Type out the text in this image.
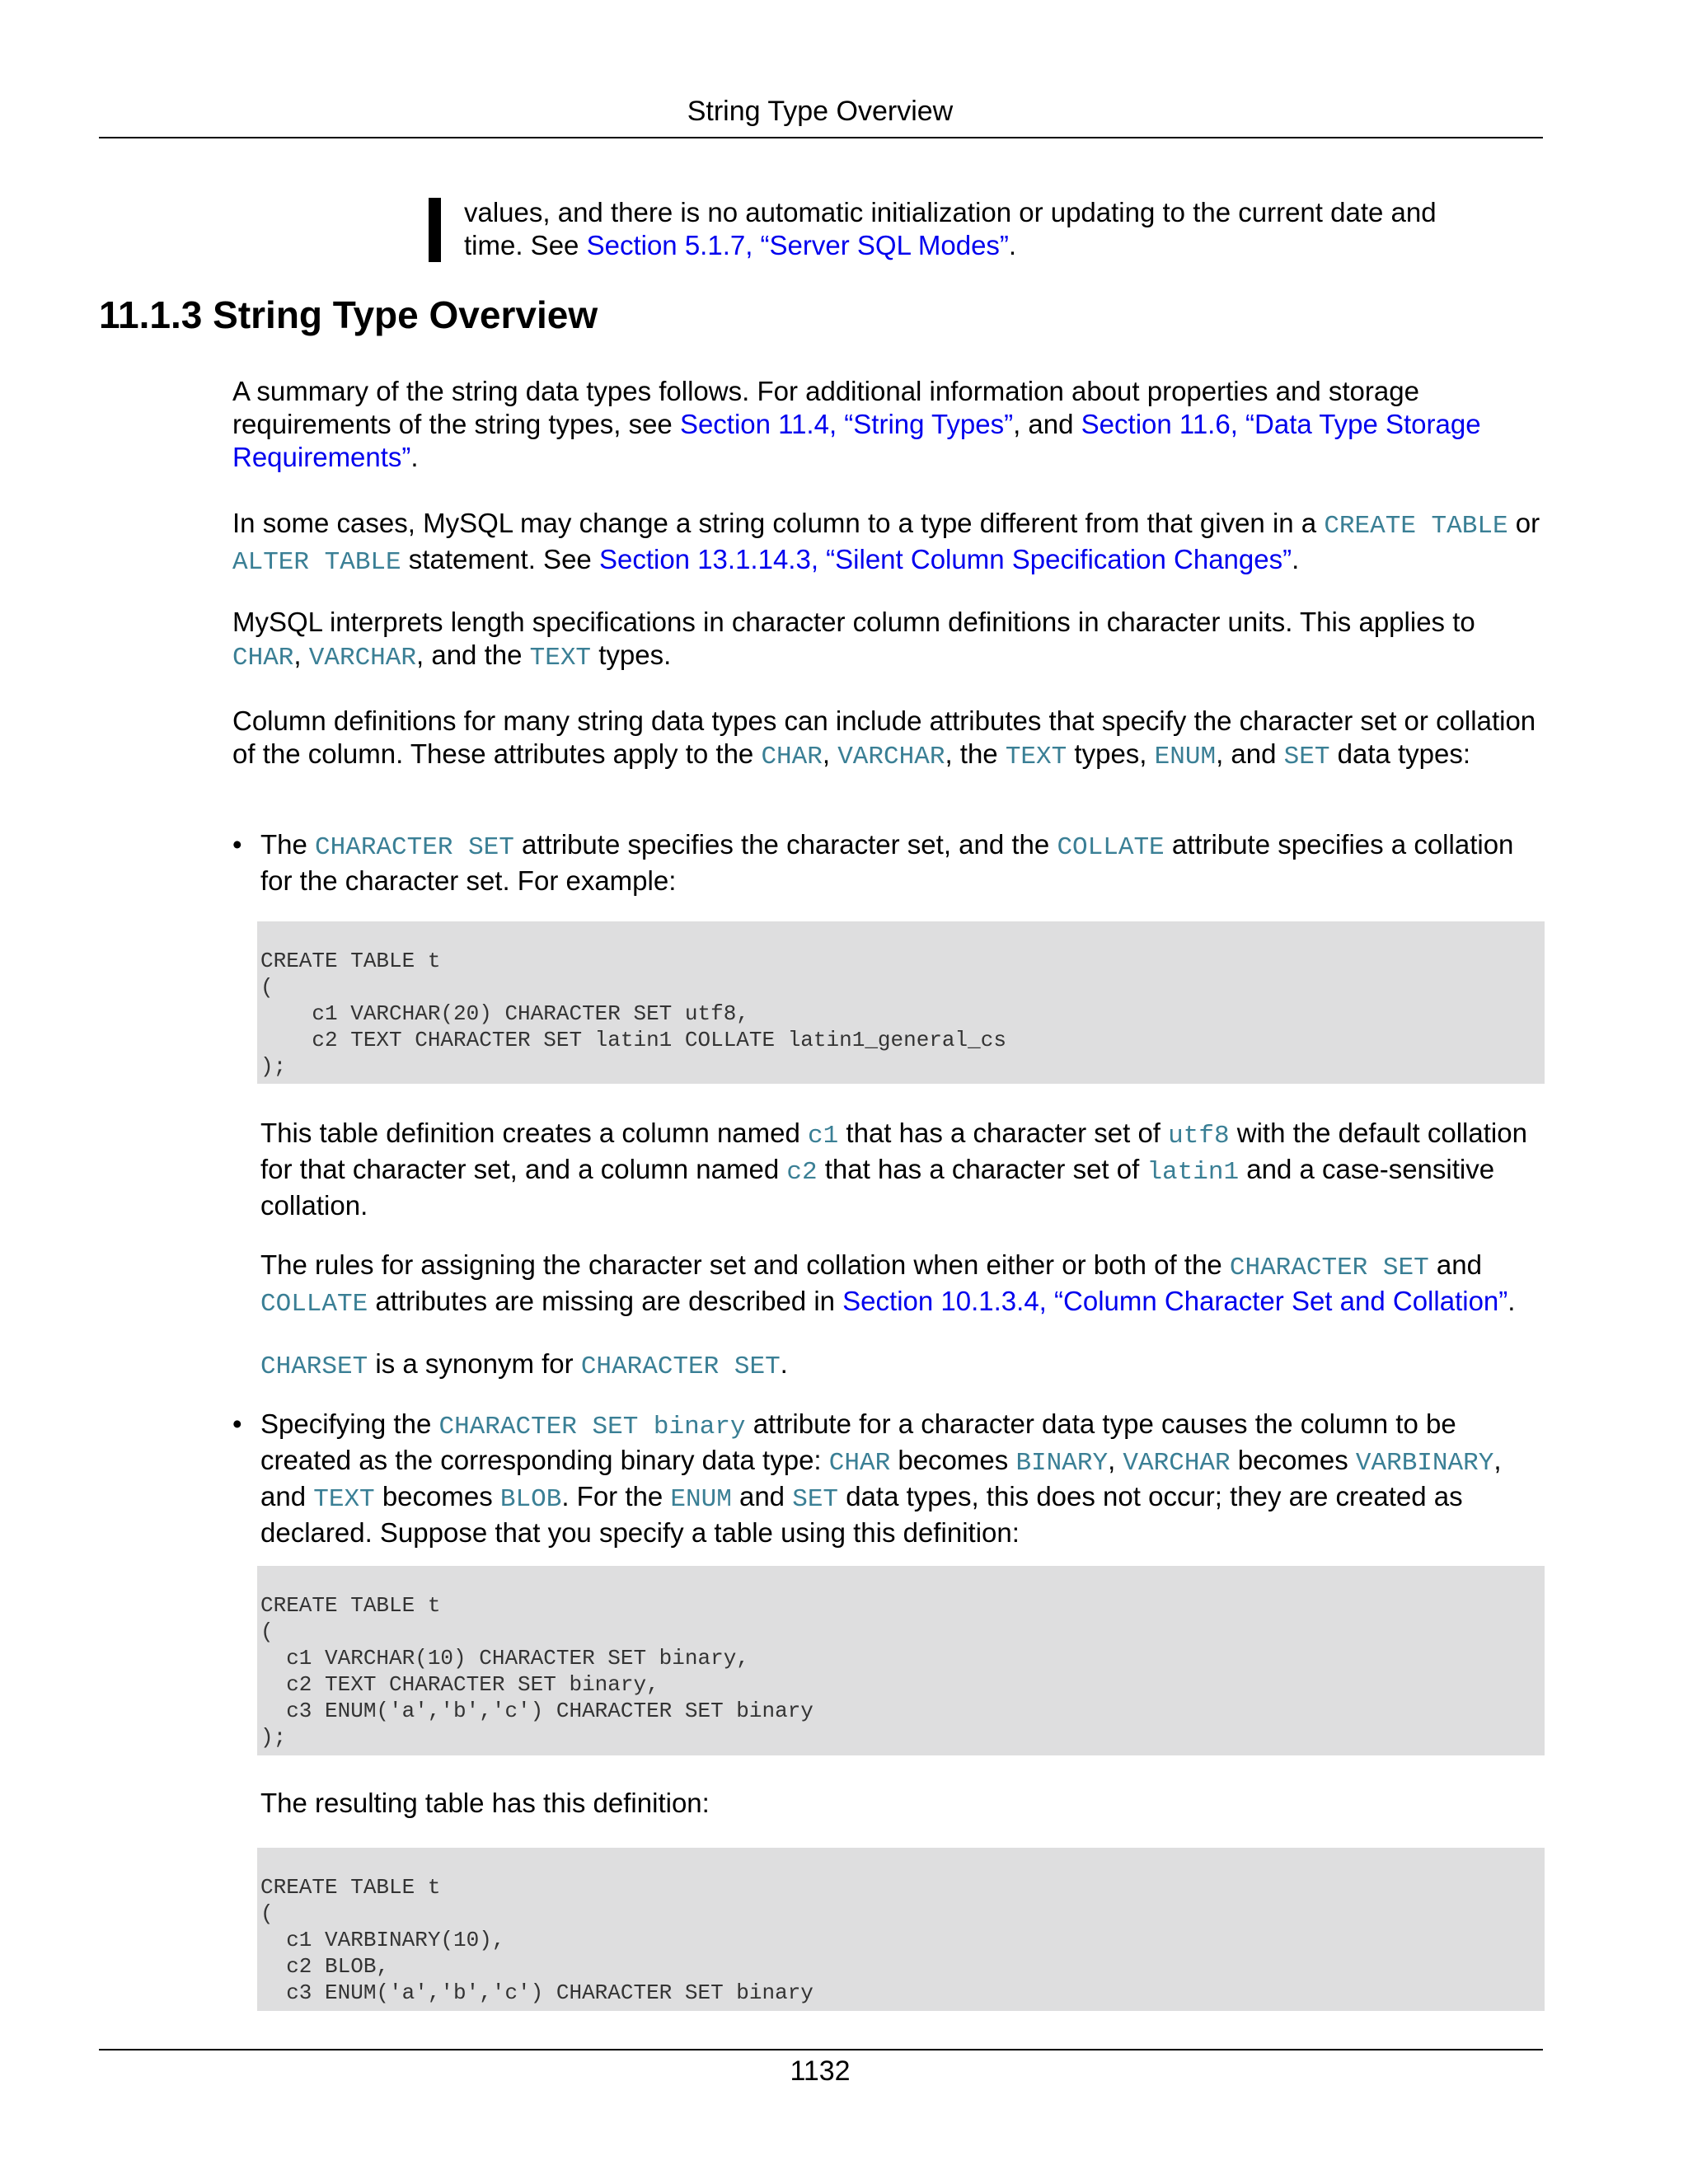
String Type Overview
values, and there is no automatic initialization or updating to the current date and time. See Section 5.1.7, “Server SQL Modes”.
11.1.3 String Type Overview

A summary of the string data types follows. For additional information about properties and storage requirements of the string types, see Section 11.4, “String Types”, and Section 11.6, “Data Type Storage Requirements”.

In some cases, MySQL may change a string column to a type different from that given in a CREATE TABLE or ALTER TABLE statement. See Section 13.1.14.3, “Silent Column Specification Changes”.

MySQL interprets length specifications in character column definitions in character units. This applies to CHAR, VARCHAR, and the TEXT types.

Column definitions for many string data types can include attributes that specify the character set or collation of the column. These attributes apply to the CHAR, VARCHAR, the TEXT types, ENUM, and SET data types:

• The CHARACTER SET attribute specifies the character set, and the COLLATE attribute specifies a collation for the character set. For example:

CREATE TABLE t
(
c1 VARCHAR(20) CHARACTER SET utf8,
c2 TEXT CHARACTER SET latin1 COLLATE latin1_general_cs
);

This table definition creates a column named c1 that has a character set of utf8 with the default collation for that character set, and a column named c2 that has a character set of latin1 and a case-sensitive collation.

The rules for assigning the character set and collation when either or both of the CHARACTER SET and COLLATE attributes are missing are described in Section 10.1.3.4, “Column Character Set and Collation”.

CHARSET is a synonym for CHARACTER SET.

• Specifying the CHARACTER SET binary attribute for a character data type causes the column to be created as the corresponding binary data type: CHAR becomes BINARY, VARCHAR becomes VARBINARY, and TEXT becomes BLOB. For the ENUM and SET data types, this does not occur; they are created as declared. Suppose that you specify a table using this definition:

CREATE TABLE t
(
c1 VARCHAR(10) CHARACTER SET binary,
c2 TEXT CHARACTER SET binary,
c3 ENUM('a','b','c') CHARACTER SET binary
);

The resulting table has this definition:

CREATE TABLE t
(
c1 VARBINARY(10),
c2 BLOB,
c3 ENUM('a','b','c') CHARACTER SET binary
1132
